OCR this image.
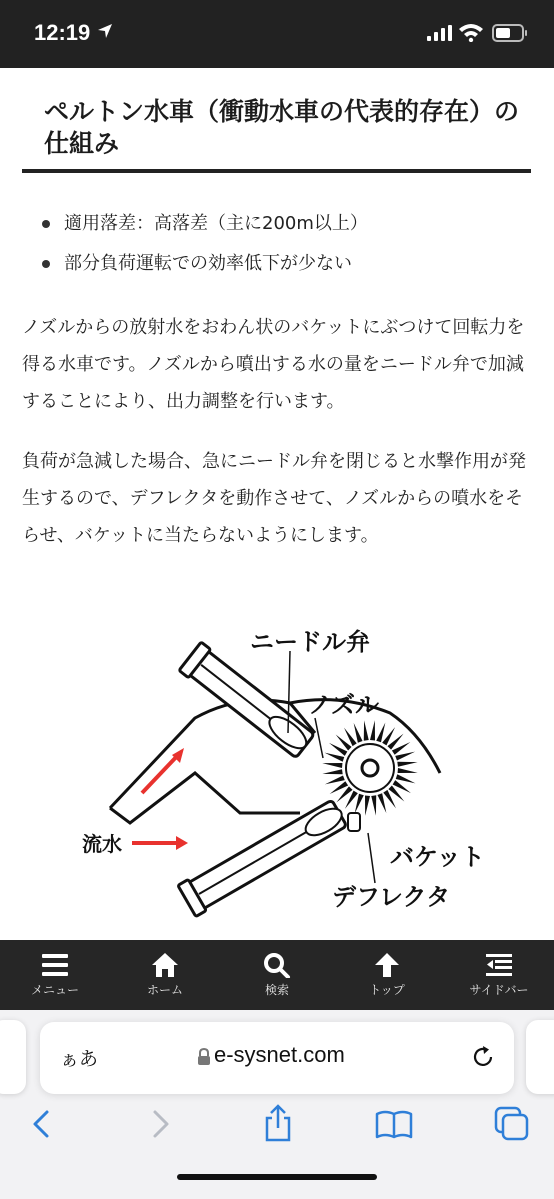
12:19
ペルトン水車（衝動水車の代表的存在）の仕組み
適用落差：高落差（主に200m以上）
部分負荷運転での効率低下が少ない

ノズルからの放射水をおわん状のバケットにぶつけて回転力を得る水車です。ノズルから噴出する水の量をニードル弁で加減することにより、出力調整を行います。

負荷が急減した場合、急にニードル弁を閉じると水撃作用が発生するので、デフレクタを動作させて、ノズルからの噴水をそらせ、バケットに当たらないようにします。

ニードル弁
ノズル
バケット
デフレクタ
流水
メニュー	ホーム	検索	トップ	サイドバー
ぁあ	e-sysnet.com
